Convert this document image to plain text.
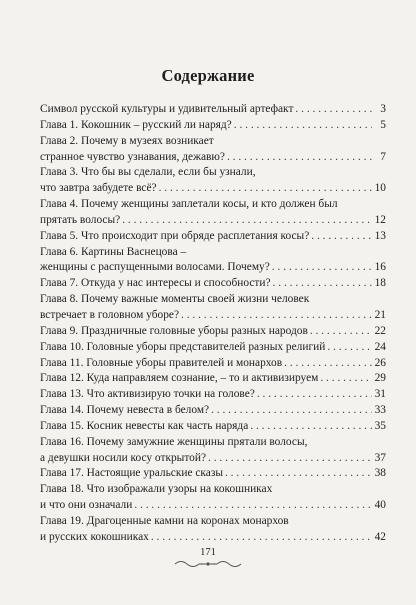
Содержание
Символ русской культуры и удивительный артефакт . . .	3
Глава 1. Кокошник – русский ли наряд? . . .	5
Глава 2. Почему в музеях возникает
странное чувство узнавания, дежавю? . . .	7
Глава 3. Что бы вы сделали, если бы узнали,
что завтра забудете всё? . . .	10
Глава 4. Почему женщины заплетали косы, и кто должен был
прятать волосы? . . .	12
Глава 5. Что происходит при обряде расплетания косы? . . .	13
Глава 6. Картины Васнецова –
женщины с распущенными волосами. Почему? . . .	16
Глава 7. Откуда у нас интересы и способности? . . .	18
Глава 8. Почему важные моменты своей жизни человек
встречает в головном уборе? . . .	21
Глава 9. Праздничные головные уборы разных народов . . .	22
Глава 10. Головные уборы представителей разных религий . . .	24
Глава 11. Головные уборы правителей и монархов . . .	26
Глава 12. Куда направляем сознание, – то и активизируем . . .	29
Глава 13. Что активизирую точки на голове? . . .	31
Глава 14. Почему невеста в белом? . . .	33
Глава 15. Косник невесты как часть наряда . . .	35
Глава 16. Почему замужние женщины прятали волосы,
а девушки носили косу открытой? . . .	37
Глава 17. Настоящие уральские сказы . . .	38
Глава 18. Что изображали узоры на кокошниках
и что они означали . . .	40
Глава 19. Драгоценные камни на коронах монархов
и русских кокошниках . . .	42
171
